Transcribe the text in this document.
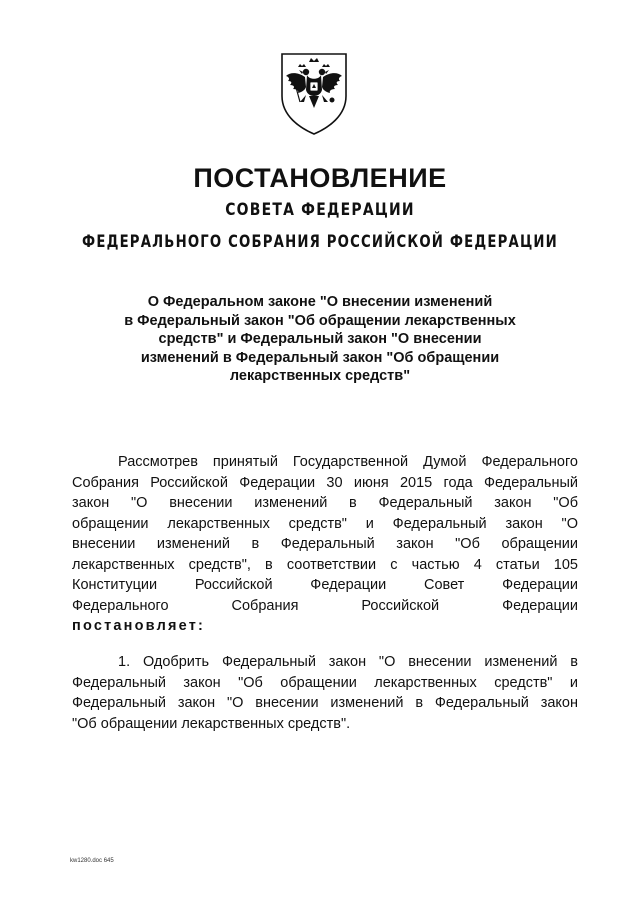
ПОСТАНОВЛЕНИЕ
СОВЕТА ФЕДЕРАЦИИ
ФЕДЕРАЛЬНОГО СОБРАНИЯ РОССИЙСКОЙ ФЕДЕРАЦИИ
О Федеральном законе "О внесении изменений
в Федеральный закон "Об обращении лекарственных
средств" и Федеральный закон "О внесении
изменений в Федеральный закон "Об обращении
лекарственных средств"
Рассмотрев принятый Государственной Думой Федерального
Собрания Российской Федерации 30 июня 2015 года Федеральный
закон "О внесении изменений в Федеральный закон "Об
обращении лекарственных средств" и Федеральный закон "О
внесении изменений в Федеральный закон "Об обращении
лекарственных средств", в соответствии с частью 4 статьи 105
Конституции Российской Федерации Совет Федерации
Федерального Собрания Российской Федерации
постановляет:
1. Одобрить Федеральный закон "О внесении изменений в
Федеральный закон "Об обращении лекарственных средств" и
Федеральный закон "О внесении изменений в Федеральный закон
"Об обращении лекарственных средств".
kw1280.doc 645
